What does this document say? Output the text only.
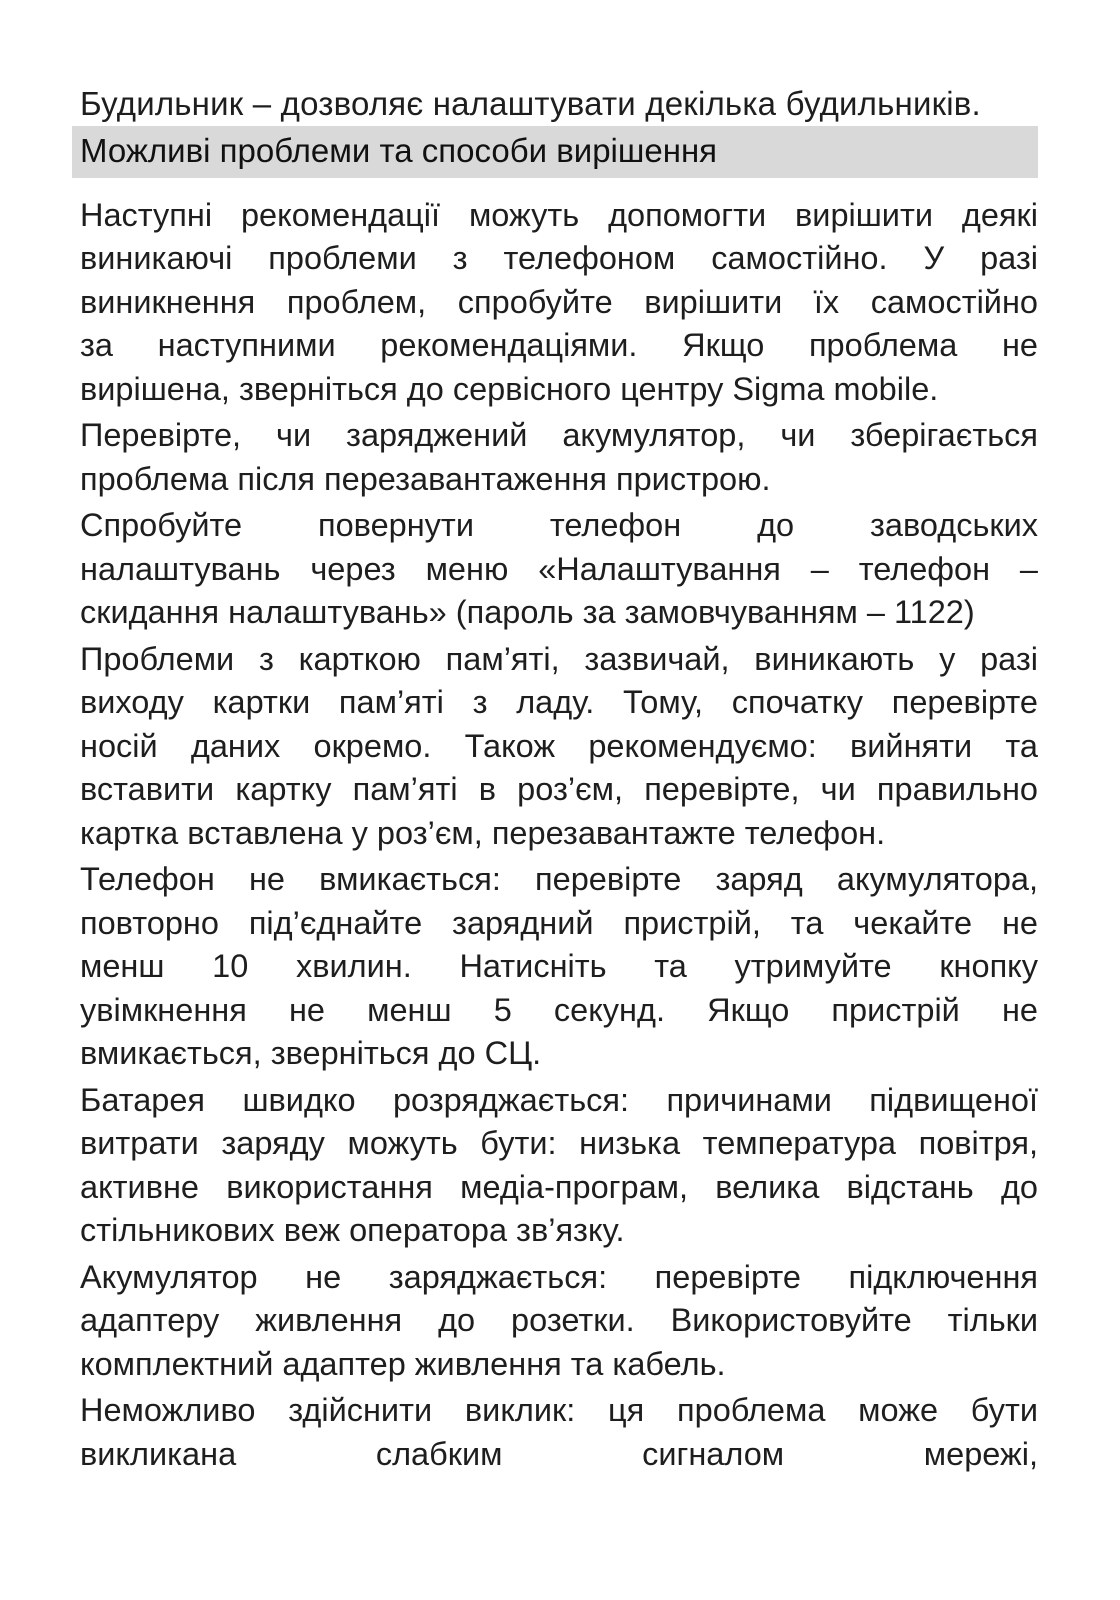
Будильник – дозволяє налаштувати декілька будильників.

Можливі проблеми та способи вирішення

Наступні рекомендації можуть допомогти вирішити деякі

виникаючі проблеми з телефоном самостійно. У разі

виникнення проблем, спробуйте вирішити їх самостійно

за наступними рекомендаціями. Якщо проблема не

вирішена, зверніться до сервісного центру Sigma mobile.

Перевірте, чи заряджений акумулятор, чи зберігається

проблема після перезавантаження пристрою.

Спробуйте повернути телефон до заводських

налаштувань через меню «Налаштування – телефон –

скидання налаштувань» (пароль за замовчуванням – 1122)

Проблеми з карткою пам’яті, зазвичай, виникають у разі

виходу картки пам’яті з ладу. Тому, спочатку перевірте

носій даних окремо. Також рекомендуємо: вийняти та

вставити картку пам’яті в роз’єм, перевірте, чи правильно

картка вставлена у роз’єм, перезавантажте телефон.

Телефон не вмикається: перевірте заряд акумулятора,

повторно під’єднайте зарядний пристрій, та чекайте не

менш 10 хвилин. Натисніть та утримуйте кнопку

увімкнення не менш 5 секунд. Якщо пристрій не

вмикається, зверніться до СЦ.

Батарея швидко розряджається: причинами підвищеної

витрати заряду можуть бути: низька температура повітря,

активне використання медіа-програм, велика відстань до

стільникових веж оператора зв’язку.

Акумулятор не заряджається: перевірте підключення

адаптеру живлення до розетки. Використовуйте тільки

комплектний адаптер живлення та кабель.

Неможливо здійснити виклик: ця проблема може бути

викликана слабким сигналом мережі,
